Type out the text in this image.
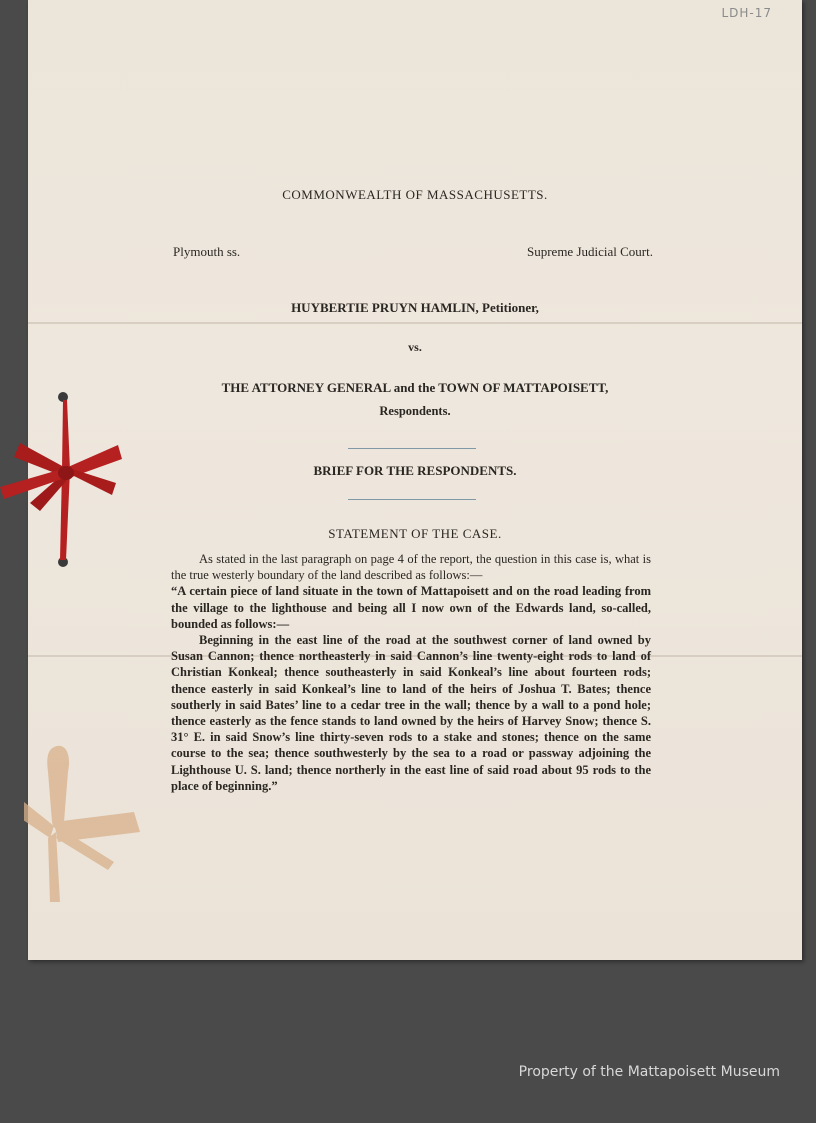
LDH-17
COMMONWEALTH OF MASSACHUSETTS.
Plymouth ss.	Supreme Judicial Court.
HUYBERTIE PRUYN HAMLIN, Petitioner,
vs.
THE ATTORNEY GENERAL and the TOWN OF MATTAPOISETT,
Respondents.
BRIEF FOR THE RESPONDENTS.
STATEMENT OF THE CASE.

As stated in the last paragraph on page 4 of the report, the question in this case is, what is the true westerly boundary of the land described as follows:—

“A certain piece of land situate in the town of Mattapoisett and on the road leading from the village to the lighthouse and being all I now own of the Edwards land, so-called, bounded as follows:—

Beginning in the east line of the road at the southwest corner of land owned by Susan Cannon; thence northeasterly in said Cannon’s line twenty-eight rods to land of Christian Konkeal; thence southeasterly in said Konkeal’s line about fourteen rods; thence easterly in said Konkeal’s line to land of the heirs of Joshua T. Bates; thence southerly in said Bates’ line to a cedar tree in the wall; thence by a wall to a pond hole; thence easterly as the fence stands to land owned by the heirs of Harvey Snow; thence S. 31° E. in said Snow’s line thirty-seven rods to a stake and stones; thence on the same course to the sea; thence southwesterly by the sea to a road or passway adjoining the Lighthouse U. S. land; thence northerly in the east line of said road about 95 rods to the place of beginning.”

Property of the Mattapoisett Museum
